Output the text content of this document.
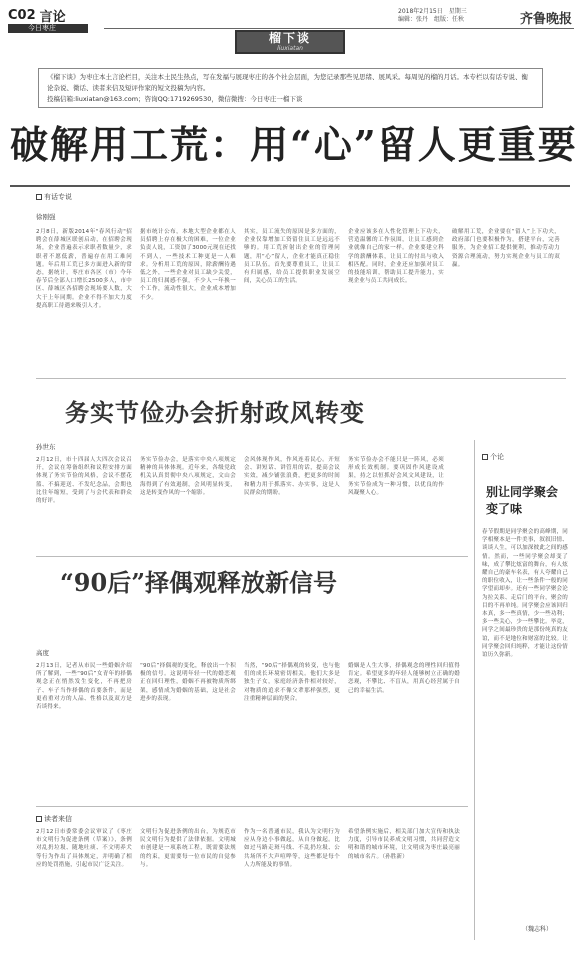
C02 言论
今日枣庄
2018年2月15日　星期三
编辑：张丹　组版：任秋	齐鲁晚报
榴下谈
liuxiatan
《榴下谈》为枣庄本土言论栏目，关注本土民生热点，写在发福与展现枣庄的各个社会层面，为您记录那些见思绪、展风采。每周见的榴的月话。本专栏以有话专说、衡论杂说、微话、读者来信及短评作家的短文投稿为内容。
投稿信箱:liuxiatan@163.com；咨询QQ:1719269530，微信微搜：今日枣庄一榴下谈
破解用工荒：用“心”留人更重要
有话专说
徐刚强
2月8日，新版2014年"春风行动"招聘会在薛城区联创启动，在招聘会现场，企业普遍表示求职者数量少，求职者不愿低薪，普遍存在用工难问题。年后用工荒已多方面进入新的常态，据统计，枣庄市各区（市）今年春节后全部人口增长2500多人，市中区、薛城区各招聘会现场要人数，大大于上年同期。企业不得不加大力度提高职工待遇来吸引人才。
据市统计公布，本地大型企业都在人员招聘上存在极大的困难，一位企业负责人说，工资加了3000元现在还找不到人，一些技术工种更是一人难求。分析用工荒的原因，除薪酬待遇低之外，一些企业对员工缺少关爱，员工的归属感不强，不少人一年换一个工作，流动性很大，企业成本增加不少。
其实，员工流失的原因是多方面的，企业仅靠增加工资留住员工是远远不够的。用工荒折射出企业的管理问题，用“心”留人，企业才能真正稳住员工队伍。首先要尊重员工，让员工有归属感，给员工提供职业发展空间，关心员工的生活。
企业应该多在人性化管理上下功夫，营造温馨的工作氛围，让员工感到企业就像自己的家一样。企业要建立科学的薪酬体系，让员工的付出与收入相匹配。同时，企业还应加强对员工的技能培训，帮助员工提升能力，实现企业与员工共同成长。
破解用工荒，企业要在“留人”上下功夫，政府部门也要积极作为，搭建平台，完善服务，为企业招工提供便利，推动劳动力资源合理流动，努力实现企业与员工的双赢。
务实节俭办会折射政风转变
孙世东
2月12日，市十四届人大四次会议召开，会议在筹备组织和议程安排方面体现了务实节俭的风格，会议不摆花篮、不搞迎送、不发纪念品，会期也比往年缩短，受到了与会代表和群众的好评。
务实节俭办会，是落实中央八项规定精神的具体体现。近年来，各级党政机关认真贯彻中央八项规定，文山会海得到了有效遏制，会风明显转变，这是转变作风的一个缩影。
会风体现作风，作风连着民心。开短会、讲短话、讲管用的话，提高会议实效，减少铺张浪费，把更多的时间和精力用于抓落实、办实事，这是人民群众的期盼。
务实节俭办会不能只是一阵风，必须形成长效机制。要巩固作风建设成果，持之以恒抓好会风文风建设，让务实节俭成为一种习惯，以优良的作风凝聚人心。
“90后”择偶观释放新信号
高度
2月13日，记者从市民一些婚姻介绍所了解到，一些“90后”女青年的择偶观念正在悄然发生变化，不再把房子、车子当作择偶的首要条件，而是更看重对方的人品、性格以及双方是否谈得来。
“90后”择偶观的变化，释放出一个积极的信号。这说明年轻一代的婚恋观正在回归理性，婚姻不再被物质所绑架，感情成为婚姻的基础，这是社会进步的表现。
当然，“90后”择偶观的转变，也与他们的成长环境密切相关。他们大多是独生子女，家庭经济条件相对较好，对物质的追求不像父辈那样强烈，更注重精神层面的契合。
婚姻是人生大事，择偶观念的理性回归值得肯定。希望更多的年轻人能够树立正确的婚恋观，不攀比、不盲从，用真心经营属于自己的幸福生活。
读者来信
2月12日市委常委会议审议了《枣庄市文明行为促进条例（草案）》，条例对乱扔垃圾、随地吐痰、不文明养犬等行为作出了具体规定，并明确了相应的处罚措施，引起市民广泛关注。
文明行为促进条例的出台，为规范市民文明行为提供了法律依据。文明城市创建是一项系统工程，既需要法规的约束，更需要每一位市民的自觉参与。
作为一名普通市民，我认为文明行为应从身边小事做起，从自身做起。比如过马路走斑马线、不乱扔垃圾、公共场所不大声喧哗等，这些都是每个人力所能及的事情。
希望条例实施后，相关部门加大宣传和执法力度，引导市民养成文明习惯，共同营造文明和谐的城市环境，让文明成为枣庄最亮丽的城市名片。（孙胜新）
个论
别让同学聚会变了味
春节假期是同学聚会的高峰期，同学相聚本是一件美事，叙叙旧情、谈谈人生，可以加深彼此之间的感情。然而，一些同学聚会却变了味，成了攀比炫富的舞台，有人炫耀自己的豪车名表，有人夸耀自己的职位收入，让一些条件一般的同学望而却步。还有一些同学聚会沦为拉关系、走后门的平台，聚会的目的不再单纯。同学聚会应该回归本真，多一些真情，少一些功利；多一些关心，少一些攀比。毕竟，同学之间最珍贵的是那份纯真的友谊，而不是地位和财富的比较。让同学聚会回归纯粹，才能让这份情谊历久弥新。
（魏志科）
